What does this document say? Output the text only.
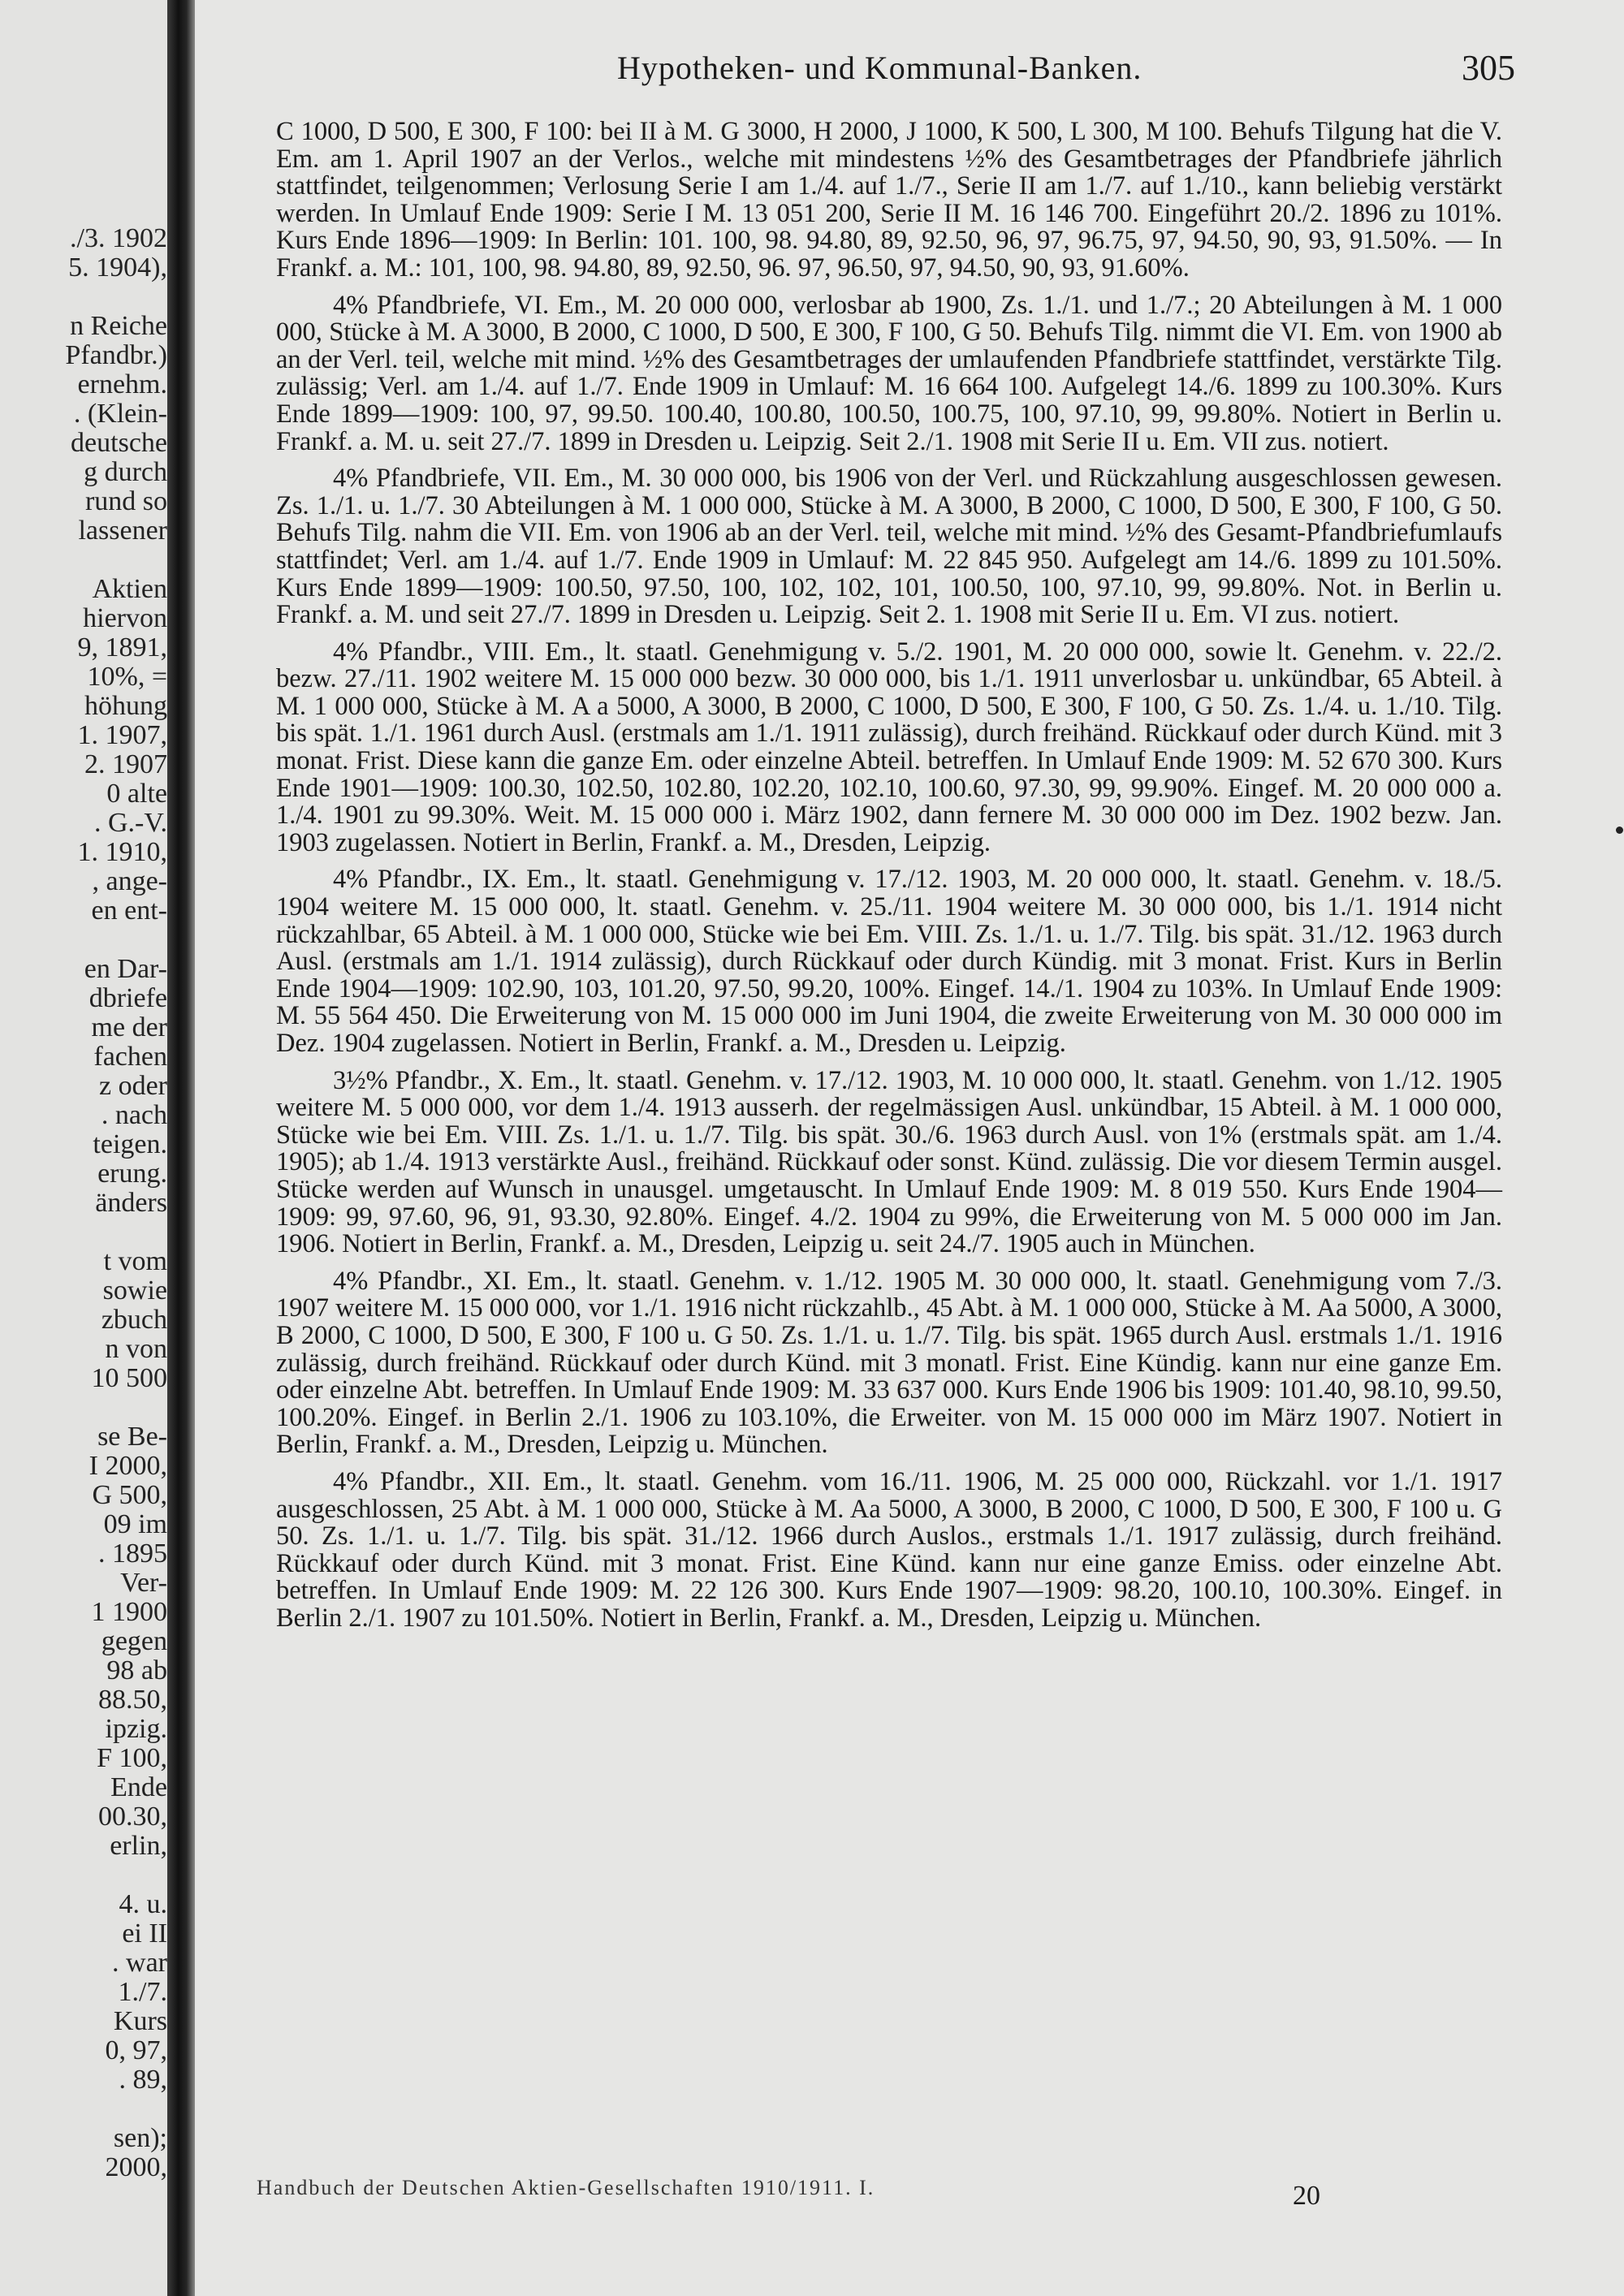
./3. 1902
5. 1904),
n Reiche
Pfandbr.)
ernehm.
. (Klein-
deutsche
g durch
rund so
lassener
Aktien
hiervon
9, 1891,
10%, =
höhung
1. 1907,
2. 1907
0 alte
. G.-V.
1. 1910,
, ange-
en ent-
en Dar-
dbriefe
me der
fachen
z oder
. nach
teigen.
erung.
änders
t vom
sowie
zbuch
n von
10 500
se Be-
I 2000,
G 500,
09 im
. 1895
Ver-
1 1900
gegen
98 ab
88.50,
ipzig.
F 100,
Ende
00.30,
erlin,
4. u.
ei II
. war
1./7.
Kurs
0, 97,
. 89,
sen);
2000,
Hypotheken- und Kommunal-Banken.	305

C 1000, D 500, E 300, F 100: bei II à M. G 3000, H 2000, J 1000, K 500, L 300, M 100. Behufs Tilgung hat die V. Em. am 1. April 1907 an der Verlos., welche mit mindestens ½% des Gesamtbetrages der Pfandbriefe jährlich stattfindet, teilgenommen; Verlosung Serie I am 1./4. auf 1./7., Serie II am 1./7. auf 1./10., kann beliebig verstärkt werden. In Umlauf Ende 1909: Serie I M. 13 051 200, Serie II M. 16 146 700. Eingeführt 20./2. 1896 zu 101%. Kurs Ende 1896—1909: In Berlin: 101. 100, 98. 94.80, 89, 92.50, 96, 97, 96.75, 97, 94.50, 90, 93, 91.50%. — In Frankf. a. M.: 101, 100, 98. 94.80, 89, 92.50, 96. 97, 96.50, 97, 94.50, 90, 93, 91.60%.

4% Pfandbriefe, VI. Em., M. 20 000 000, verlosbar ab 1900, Zs. 1./1. und 1./7.; 20 Abteilungen à M. 1 000 000, Stücke à M. A 3000, B 2000, C 1000, D 500, E 300, F 100, G 50. Behufs Tilg. nimmt die VI. Em. von 1900 ab an der Verl. teil, welche mit mind. ½% des Gesamtbetrages der umlaufenden Pfandbriefe stattfindet, verstärkte Tilg. zulässig; Verl. am 1./4. auf 1./7. Ende 1909 in Umlauf: M. 16 664 100. Aufgelegt 14./6. 1899 zu 100.30%. Kurs Ende 1899—1909: 100, 97, 99.50. 100.40, 100.80, 100.50, 100.75, 100, 97.10, 99, 99.80%. Notiert in Berlin u. Frankf. a. M. u. seit 27./7. 1899 in Dresden u. Leipzig. Seit 2./1. 1908 mit Serie II u. Em. VII zus. notiert.

4% Pfandbriefe, VII. Em., M. 30 000 000, bis 1906 von der Verl. und Rückzahlung ausgeschlossen gewesen. Zs. 1./1. u. 1./7. 30 Abteilungen à M. 1 000 000, Stücke à M. A 3000, B 2000, C 1000, D 500, E 300, F 100, G 50. Behufs Tilg. nahm die VII. Em. von 1906 ab an der Verl. teil, welche mit mind. ½% des Gesamt-Pfandbriefumlaufs stattfindet; Verl. am 1./4. auf 1./7. Ende 1909 in Umlauf: M. 22 845 950. Aufgelegt am 14./6. 1899 zu 101.50%. Kurs Ende 1899—1909: 100.50, 97.50, 100, 102, 102, 101, 100.50, 100, 97.10, 99, 99.80%. Not. in Berlin u. Frankf. a. M. und seit 27./7. 1899 in Dresden u. Leipzig. Seit 2. 1. 1908 mit Serie II u. Em. VI zus. notiert.

4% Pfandbr., VIII. Em., lt. staatl. Genehmigung v. 5./2. 1901, M. 20 000 000, sowie lt. Genehm. v. 22./2. bezw. 27./11. 1902 weitere M. 15 000 000 bezw. 30 000 000, bis 1./1. 1911 unverlosbar u. unkündbar, 65 Abteil. à M. 1 000 000, Stücke à M. A a 5000, A 3000, B 2000, C 1000, D 500, E 300, F 100, G 50. Zs. 1./4. u. 1./10. Tilg. bis spät. 1./1. 1961 durch Ausl. (erstmals am 1./1. 1911 zulässig), durch freihänd. Rückkauf oder durch Künd. mit 3 monat. Frist. Diese kann die ganze Em. oder einzelne Abteil. betreffen. In Umlauf Ende 1909: M. 52 670 300. Kurs Ende 1901—1909: 100.30, 102.50, 102.80, 102.20, 102.10, 100.60, 97.30, 99, 99.90%. Eingef. M. 20 000 000 a. 1./4. 1901 zu 99.30%. Weit. M. 15 000 000 i. März 1902, dann fernere M. 30 000 000 im Dez. 1902 bezw. Jan. 1903 zugelassen. Notiert in Berlin, Frankf. a. M., Dresden, Leipzig.

4% Pfandbr., IX. Em., lt. staatl. Genehmigung v. 17./12. 1903, M. 20 000 000, lt. staatl. Genehm. v. 18./5. 1904 weitere M. 15 000 000, lt. staatl. Genehm. v. 25./11. 1904 weitere M. 30 000 000, bis 1./1. 1914 nicht rückzahlbar, 65 Abteil. à M. 1 000 000, Stücke wie bei Em. VIII. Zs. 1./1. u. 1./7. Tilg. bis spät. 31./12. 1963 durch Ausl. (erstmals am 1./1. 1914 zulässig), durch Rückkauf oder durch Kündig. mit 3 monat. Frist. Kurs in Berlin Ende 1904—1909: 102.90, 103, 101.20, 97.50, 99.20, 100%. Eingef. 14./1. 1904 zu 103%. In Umlauf Ende 1909: M. 55 564 450. Die Erweiterung von M. 15 000 000 im Juni 1904, die zweite Erweiterung von M. 30 000 000 im Dez. 1904 zugelassen. Notiert in Berlin, Frankf. a. M., Dresden u. Leipzig.

3½% Pfandbr., X. Em., lt. staatl. Genehm. v. 17./12. 1903, M. 10 000 000, lt. staatl. Genehm. von 1./12. 1905 weitere M. 5 000 000, vor dem 1./4. 1913 ausserh. der regelmässigen Ausl. unkündbar, 15 Abteil. à M. 1 000 000, Stücke wie bei Em. VIII. Zs. 1./1. u. 1./7. Tilg. bis spät. 30./6. 1963 durch Ausl. von 1% (erstmals spät. am 1./4. 1905); ab 1./4. 1913 verstärkte Ausl., freihänd. Rückkauf oder sonst. Künd. zulässig. Die vor diesem Termin ausgel. Stücke werden auf Wunsch in unausgel. umgetauscht. In Umlauf Ende 1909: M. 8 019 550. Kurs Ende 1904—1909: 99, 97.60, 96, 91, 93.30, 92.80%. Eingef. 4./2. 1904 zu 99%, die Erweiterung von M. 5 000 000 im Jan. 1906. Notiert in Berlin, Frankf. a. M., Dresden, Leipzig u. seit 24./7. 1905 auch in München.

4% Pfandbr., XI. Em., lt. staatl. Genehm. v. 1./12. 1905 M. 30 000 000, lt. staatl. Genehmigung vom 7./3. 1907 weitere M. 15 000 000, vor 1./1. 1916 nicht rückzahlb., 45 Abt. à M. 1 000 000, Stücke à M. Aa 5000, A 3000, B 2000, C 1000, D 500, E 300, F 100 u. G 50. Zs. 1./1. u. 1./7. Tilg. bis spät. 1965 durch Ausl. erstmals 1./1. 1916 zulässig, durch freihänd. Rückkauf oder durch Künd. mit 3 monatl. Frist. Eine Kündig. kann nur eine ganze Em. oder einzelne Abt. betreffen. In Umlauf Ende 1909: M. 33 637 000. Kurs Ende 1906 bis 1909: 101.40, 98.10, 99.50, 100.20%. Eingef. in Berlin 2./1. 1906 zu 103.10%, die Erweiter. von M. 15 000 000 im März 1907. Notiert in Berlin, Frankf. a. M., Dresden, Leipzig u. München.

4% Pfandbr., XII. Em., lt. staatl. Genehm. vom 16./11. 1906, M. 25 000 000, Rückzahl. vor 1./1. 1917 ausgeschlossen, 25 Abt. à M. 1 000 000, Stücke à M. Aa 5000, A 3000, B 2000, C 1000, D 500, E 300, F 100 u. G 50. Zs. 1./1. u. 1./7. Tilg. bis spät. 31./12. 1966 durch Auslos., erstmals 1./1. 1917 zulässig, durch freihänd. Rückkauf oder durch Künd. mit 3 monat. Frist. Eine Künd. kann nur eine ganze Emiss. oder einzelne Abt. betreffen. In Umlauf Ende 1909: M. 22 126 300. Kurs Ende 1907—1909: 98.20, 100.10, 100.30%. Eingef. in Berlin 2./1. 1907 zu 101.50%. Notiert in Berlin, Frankf. a. M., Dresden, Leipzig u. München.

Handbuch der Deutschen Aktien-Gesellschaften 1910/1911. I.	20
